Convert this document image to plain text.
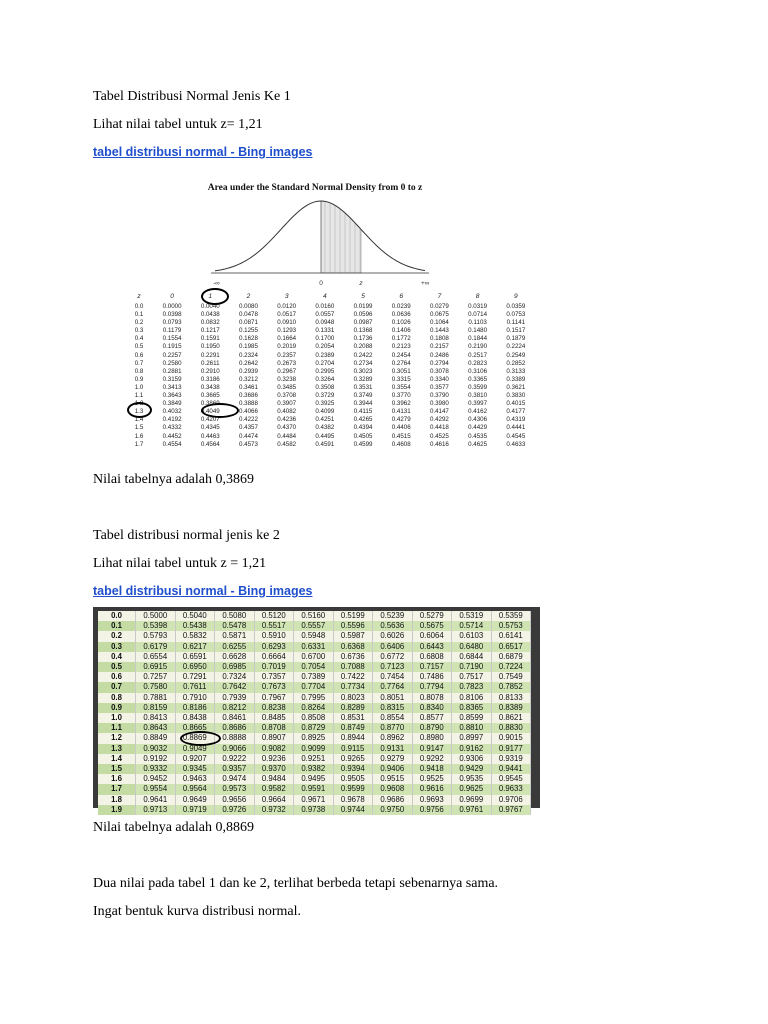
Tabel Distribusi Normal Jenis Ke 1
Lihat nilai tabel untuk z= 1,21
tabel distribusi normal - Bing images
Area under the Standard Normal Density from 0 to z
-∞	0	z	+∞
z	0	1	2	3	4	5	6	7	8	9
0.0	0.0000	0.0040	0.0080	0.0120	0.0160	0.0199	0.0239	0.0279	0.0319	0.0359
0.1	0.0398	0.0438	0.0478	0.0517	0.0557	0.0596	0.0636	0.0675	0.0714	0.0753
0.2	0.0793	0.0832	0.0871	0.0910	0.0948	0.0987	0.1026	0.1064	0.1103	0.1141
0.3	0.1179	0.1217	0.1255	0.1293	0.1331	0.1368	0.1406	0.1443	0.1480	0.1517
0.4	0.1554	0.1591	0.1628	0.1664	0.1700	0.1736	0.1772	0.1808	0.1844	0.1879
0.5	0.1915	0.1950	0.1985	0.2019	0.2054	0.2088	0.2123	0.2157	0.2190	0.2224
0.6	0.2257	0.2291	0.2324	0.2357	0.2389	0.2422	0.2454	0.2486	0.2517	0.2549
0.7	0.2580	0.2611	0.2642	0.2673	0.2704	0.2734	0.2764	0.2794	0.2823	0.2852
0.8	0.2881	0.2910	0.2939	0.2967	0.2995	0.3023	0.3051	0.3078	0.3106	0.3133
0.9	0.3159	0.3186	0.3212	0.3238	0.3264	0.3289	0.3315	0.3340	0.3365	0.3389
1.0	0.3413	0.3438	0.3461	0.3485	0.3508	0.3531	0.3554	0.3577	0.3599	0.3621
1.1	0.3643	0.3665	0.3686	0.3708	0.3729	0.3749	0.3770	0.3790	0.3810	0.3830
1.2	0.3849	0.3869	0.3888	0.3907	0.3925	0.3944	0.3962	0.3980	0.3997	0.4015
1.3	0.4032	0.4049	0.4066	0.4082	0.4099	0.4115	0.4131	0.4147	0.4162	0.4177
1.4	0.4192	0.4207	0.4222	0.4236	0.4251	0.4265	0.4279	0.4292	0.4306	0.4319
1.5	0.4332	0.4345	0.4357	0.4370	0.4382	0.4394	0.4406	0.4418	0.4429	0.4441
1.6	0.4452	0.4463	0.4474	0.4484	0.4495	0.4505	0.4515	0.4525	0.4535	0.4545
1.7	0.4554	0.4564	0.4573	0.4582	0.4591	0.4599	0.4608	0.4616	0.4625	0.4633
Nilai tabelnya adalah 0,3869
Tabel distribusi normal jenis ke 2
Lihat nilai tabel untuk z = 1,21
tabel distribusi normal - Bing images
0.0	0.5000	0.5040	0.5080	0.5120	0.5160	0.5199	0.5239	0.5279	0.5319	0.5359
0.1	0.5398	0.5438	0.5478	0.5517	0.5557	0.5596	0.5636	0.5675	0.5714	0.5753
0.2	0.5793	0.5832	0.5871	0.5910	0.5948	0.5987	0.6026	0.6064	0.6103	0.6141
0.3	0.6179	0.6217	0.6255	0.6293	0.6331	0.6368	0.6406	0.6443	0.6480	0.6517
0.4	0.6554	0.6591	0.6628	0.6664	0.6700	0.6736	0.6772	0.6808	0.6844	0.6879
0.5	0.6915	0.6950	0.6985	0.7019	0.7054	0.7088	0.7123	0.7157	0.7190	0.7224
0.6	0.7257	0.7291	0.7324	0.7357	0.7389	0.7422	0.7454	0.7486	0.7517	0.7549
0.7	0.7580	0.7611	0.7642	0.7673	0.7704	0.7734	0.7764	0.7794	0.7823	0.7852
0.8	0.7881	0.7910	0.7939	0.7967	0.7995	0.8023	0.8051	0.8078	0.8106	0.8133
0.9	0.8159	0.8186	0.8212	0.8238	0.8264	0.8289	0.8315	0.8340	0.8365	0.8389
1.0	0.8413	0.8438	0.8461	0.8485	0.8508	0.8531	0.8554	0.8577	0.8599	0.8621
1.1	0.8643	0.8665	0.8686	0.8708	0.8729	0.8749	0.8770	0.8790	0.8810	0.8830
1.2	0.8849	0.8869	0.8888	0.8907	0.8925	0.8944	0.8962	0.8980	0.8997	0.9015
1.3	0.9032	0.9049	0.9066	0.9082	0.9099	0.9115	0.9131	0.9147	0.9162	0.9177
1.4	0.9192	0.9207	0.9222	0.9236	0.9251	0.9265	0.9279	0.9292	0.9306	0.9319
1.5	0.9332	0.9345	0.9357	0.9370	0.9382	0.9394	0.9406	0.9418	0.9429	0.9441
1.6	0.9452	0.9463	0.9474	0.9484	0.9495	0.9505	0.9515	0.9525	0.9535	0.9545
1.7	0.9554	0.9564	0.9573	0.9582	0.9591	0.9599	0.9608	0.9616	0.9625	0.9633
1.8	0.9641	0.9649	0.9656	0.9664	0.9671	0.9678	0.9686	0.9693	0.9699	0.9706
1.9	0.9713	0.9719	0.9726	0.9732	0.9738	0.9744	0.9750	0.9756	0.9761	0.9767
Nilai tabelnya adalah 0,8869
Dua nilai pada tabel 1 dan ke 2, terlihat berbeda tetapi sebenarnya sama.
Ingat bentuk kurva distribusi normal.
